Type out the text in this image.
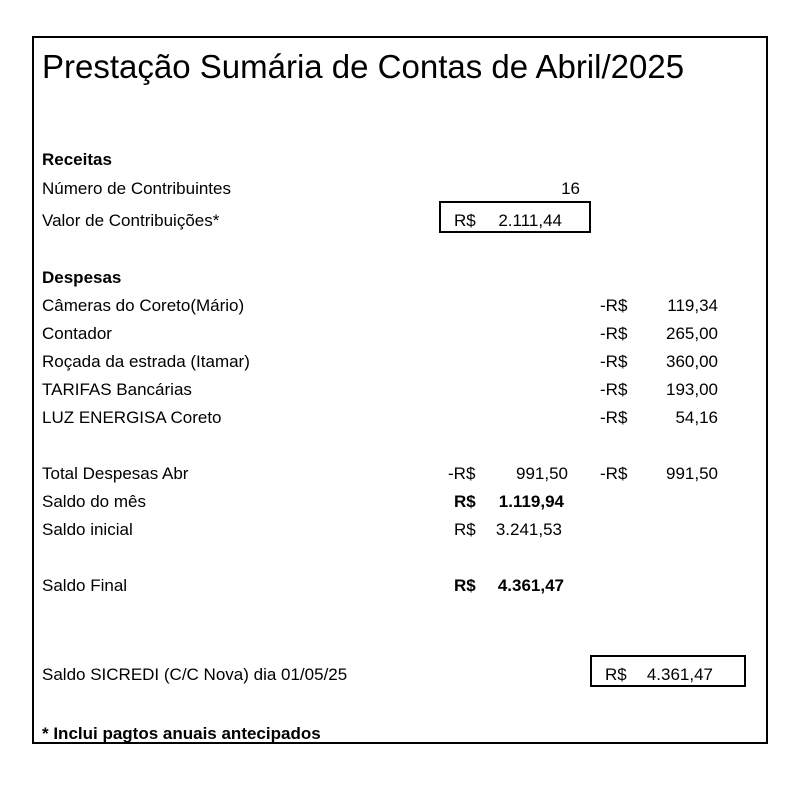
Prestação Sumária de Contas de Abril/2025
Receitas
Número de Contribuintes	16
Valor de Contribuições*	R$	2.111,44
Despesas
Câmeras do Coreto(Mário)	-R$	119,34
Contador	-R$	265,00
Roçada da estrada (Itamar)	-R$	360,00
TARIFAS Bancárias	-R$	193,00
LUZ ENERGISA Coreto	-R$	54,16
Total Despesas Abr	-R$	991,50 -R$	991,50
Saldo do mês	R$	1.119,94
Saldo inicial	R$	3.241,53
Saldo Final	R$	4.361,47
Saldo SICREDI (C/C Nova) dia 01/05/25	R$	4.361,47
* Inclui pagtos anuais antecipados
